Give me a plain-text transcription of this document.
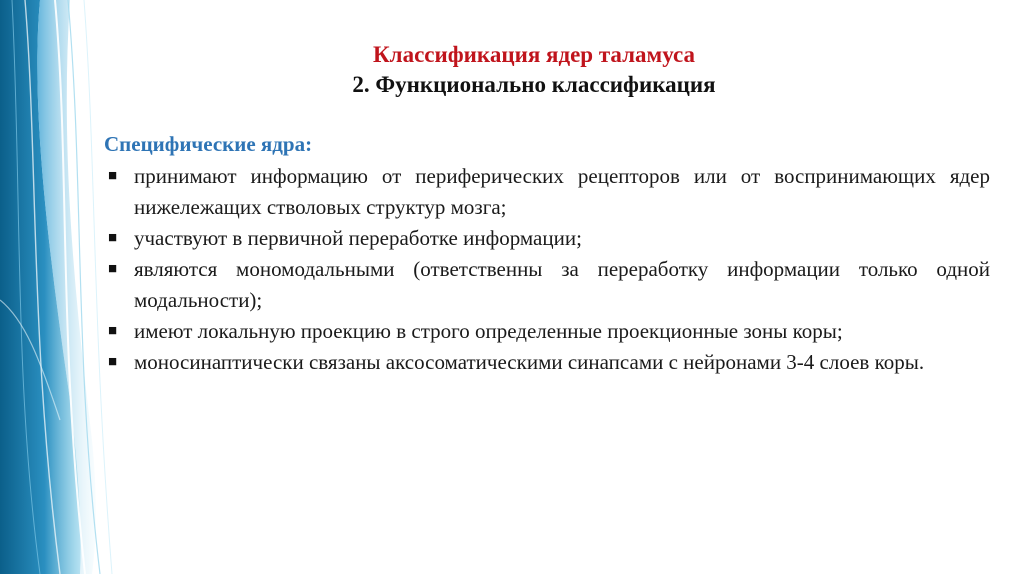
Классификация ядер таламуса
2. Функционально классификация
Специфические ядра:
■ принимают информацию от периферических рецепторов или от воспринимающих ядер нижележащих стволовых структур мозга;
■ участвуют в первичной переработке информации;
■ являются мономодальными (ответственны за переработку информации только одной модальности);
■ имеют локальную проекцию в строго определенные проекционные зоны коры;
■ моносинаптически связаны аксосоматическими синапсами с нейронами 3-4 слоев коры.
